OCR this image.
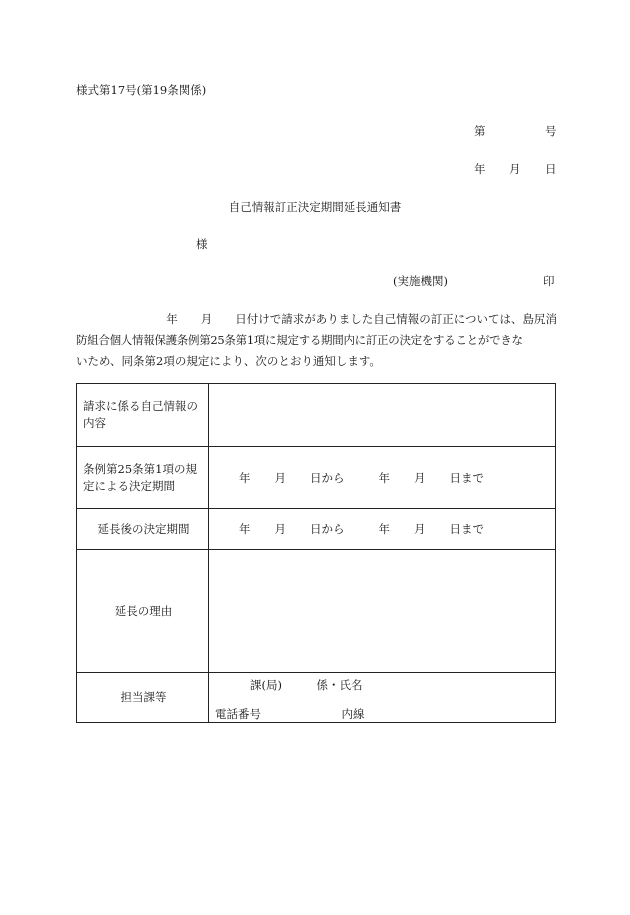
様式第17号(第19条関係)
第	号
年 月 日
自己情報訂正決定期間延長通知書
様
(実施機関)	印
年 月 日付けで請求がありました自己情報の訂正については、島尻消
防組合個人情報保護条例第25条第1項に規定する期間内に訂正の決定をすることができな
いため、同条第2項の規定により、次のとおり通知します。
請求に係る自己情報の内容	
条例第25条第1項の規定による決定期間	年 月 日から 年 月 日まで
延長後の決定期間	年 月 日から 年 月 日まで
延長の理由	
担当課等	課(局)　　　係・氏名
電話番号　　　　　　　内線
